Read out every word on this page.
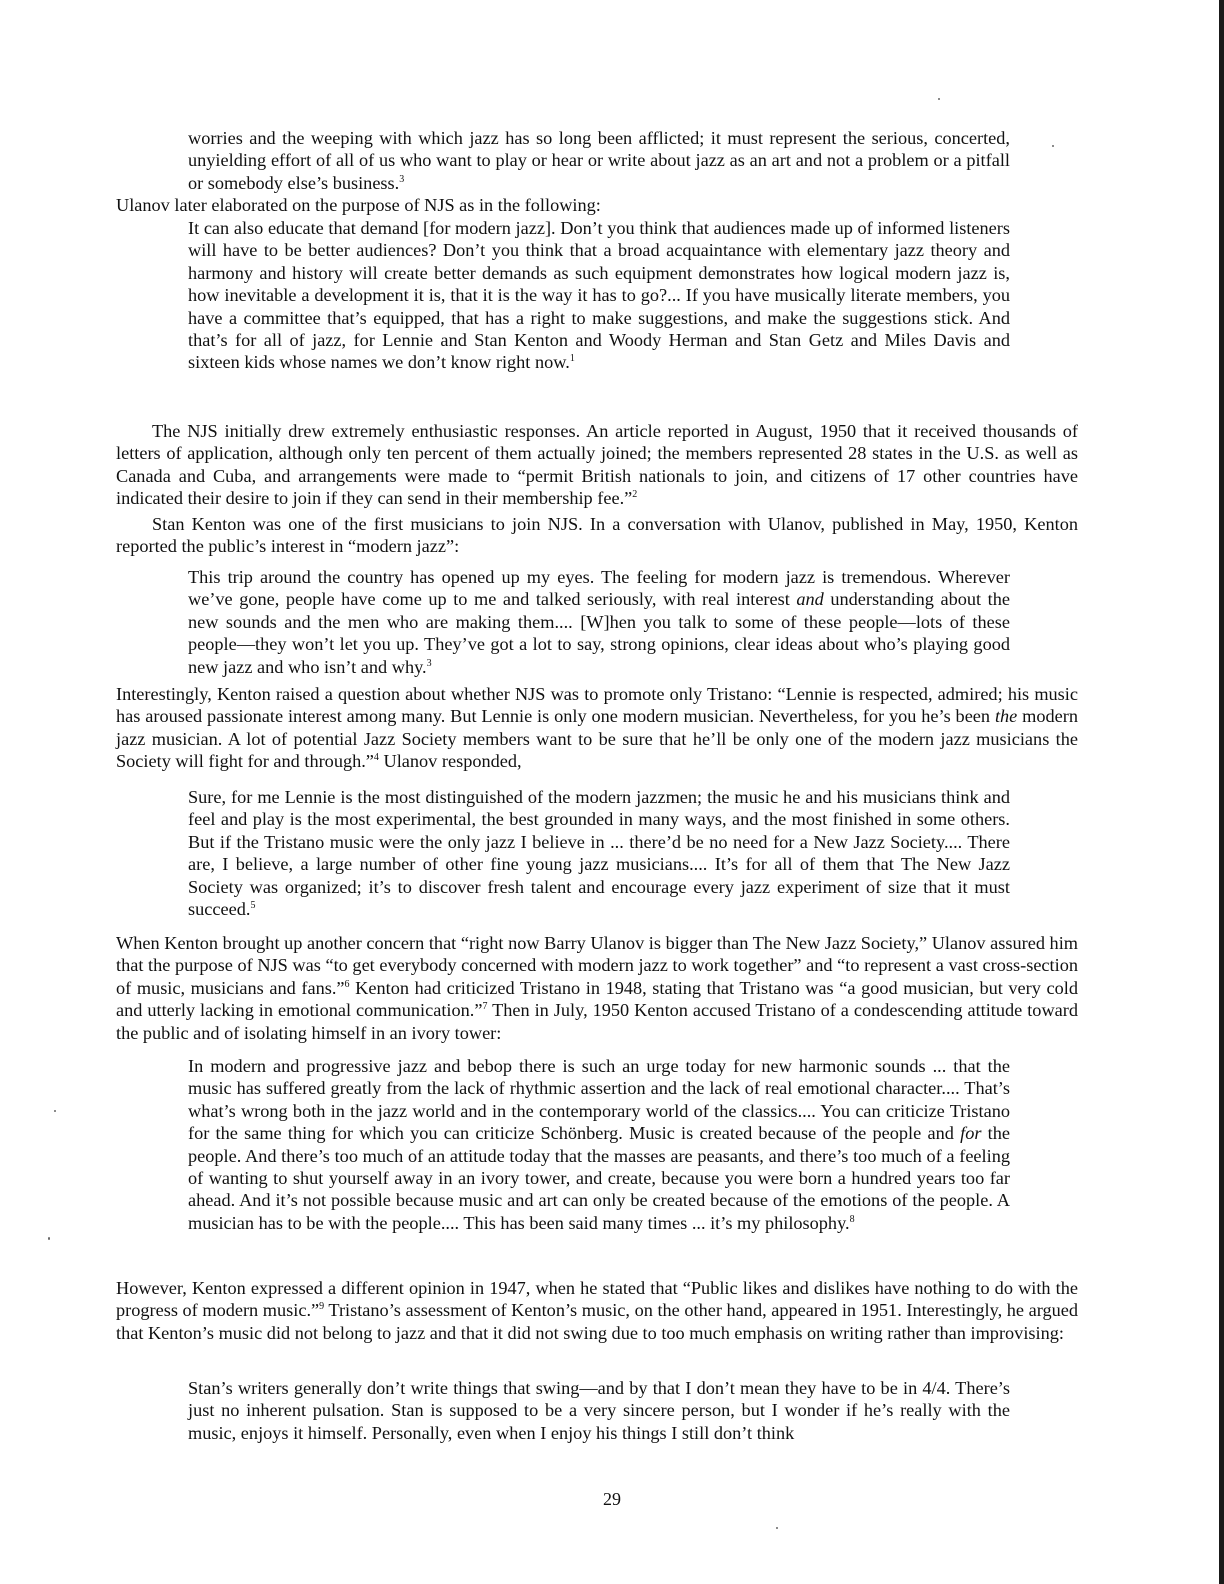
worries and the weeping with which jazz has so long been afflicted; it must represent the serious, concerted, unyielding effort of all of us who want to play or hear or write about jazz as an art and not a problem or a pitfall or somebody else’s business.$^3$

Ulanov later elaborated on the purpose of NJS as in the following:

It can also educate that demand [for modern jazz]. Don’t you think that audiences made up of informed listeners will have to be better audiences? Don’t you think that a broad acquaintance with elementary jazz theory and harmony and history will create better demands as such equipment demonstrates how logical modern jazz is, how inevitable a development it is, that it is the way it has to go?... If you have musically literate members, you have a committee that’s equipped, that has a right to make suggestions, and make the suggestions stick. And that’s for all of jazz, for Lennie and Stan Kenton and Woody Herman and Stan Getz and Miles Davis and sixteen kids whose names we don’t know right now.$^1$

The NJS initially drew extremely enthusiastic responses. An article reported in August, 1950 that it received thousands of letters of application, although only ten percent of them actually joined; the members represented 28 states in the U.S. as well as Canada and Cuba, and arrangements were made to “permit British nationals to join, and citizens of 17 other countries have indicated their desire to join if they can send in their membership fee.”$^2$

Stan Kenton was one of the first musicians to join NJS. In a conversation with Ulanov, published in May, 1950, Kenton reported the public’s interest in “modern jazz”:

This trip around the country has opened up my eyes. The feeling for modern jazz is tremendous. Wherever we’ve gone, people have come up to me and talked seriously, with real interest and understanding about the new sounds and the men who are making them.... [W]hen you talk to some of these people—lots of these people—they won’t let you up. They’ve got a lot to say, strong opinions, clear ideas about who’s playing good new jazz and who isn’t and why.$^3$

Interestingly, Kenton raised a question about whether NJS was to promote only Tristano: “Lennie is respected, admired; his music has aroused passionate interest among many. But Lennie is only one modern musician. Nevertheless, for you he’s been the modern jazz musician. A lot of potential Jazz Society members want to be sure that he’ll be only one of the modern jazz musicians the Society will fight for and through.”$^4$ Ulanov responded,

Sure, for me Lennie is the most distinguished of the modern jazzmen; the music he and his musicians think and feel and play is the most experimental, the best grounded in many ways, and the most finished in some others. But if the Tristano music were the only jazz I believe in ... there’d be no need for a New Jazz Society.... There are, I believe, a large number of other fine young jazz musicians.... It’s for all of them that The New Jazz Society was organized; it’s to discover fresh talent and encourage every jazz experiment of size that it must succeed.$^5$

When Kenton brought up another concern that “right now Barry Ulanov is bigger than The New Jazz Society,” Ulanov assured him that the purpose of NJS was “to get everybody concerned with modern jazz to work together” and “to represent a vast cross-section of music, musicians and fans.”$^6$ Kenton had criticized Tristano in 1948, stating that Tristano was “a good musician, but very cold and utterly lacking in emotional communication.”$^7$ Then in July, 1950 Kenton accused Tristano of a condescending attitude toward the public and of isolating himself in an ivory tower:

In modern and progressive jazz and bebop there is such an urge today for new harmonic sounds ... that the music has suffered greatly from the lack of rhythmic assertion and the lack of real emotional character.... That’s what’s wrong both in the jazz world and in the contemporary world of the classics.... You can criticize Tristano for the same thing for which you can criticize Schönberg. Music is created because of the people and for the people. And there’s too much of an attitude today that the masses are peasants, and there’s too much of a feeling of wanting to shut yourself away in an ivory tower, and create, because you were born a hundred years too far ahead. And it’s not possible because music and art can only be created because of the emotions of the people. A musician has to be with the people.... This has been said many times ... it’s my philosophy.$^8$

However, Kenton expressed a different opinion in 1947, when he stated that “Public likes and dislikes have nothing to do with the progress of modern music.”$^9$ Tristano’s assessment of Kenton’s music, on the other hand, appeared in 1951. Interestingly, he argued that Kenton’s music did not belong to jazz and that it did not swing due to too much emphasis on writing rather than improvising:

Stan’s writers generally don’t write things that swing—and by that I don’t mean they have to be in 4/4. There’s just no inherent pulsation. Stan is supposed to be a very sincere person, but I wonder if he’s really with the music, enjoys it himself. Personally, even when I enjoy his things I still don’t think

29
